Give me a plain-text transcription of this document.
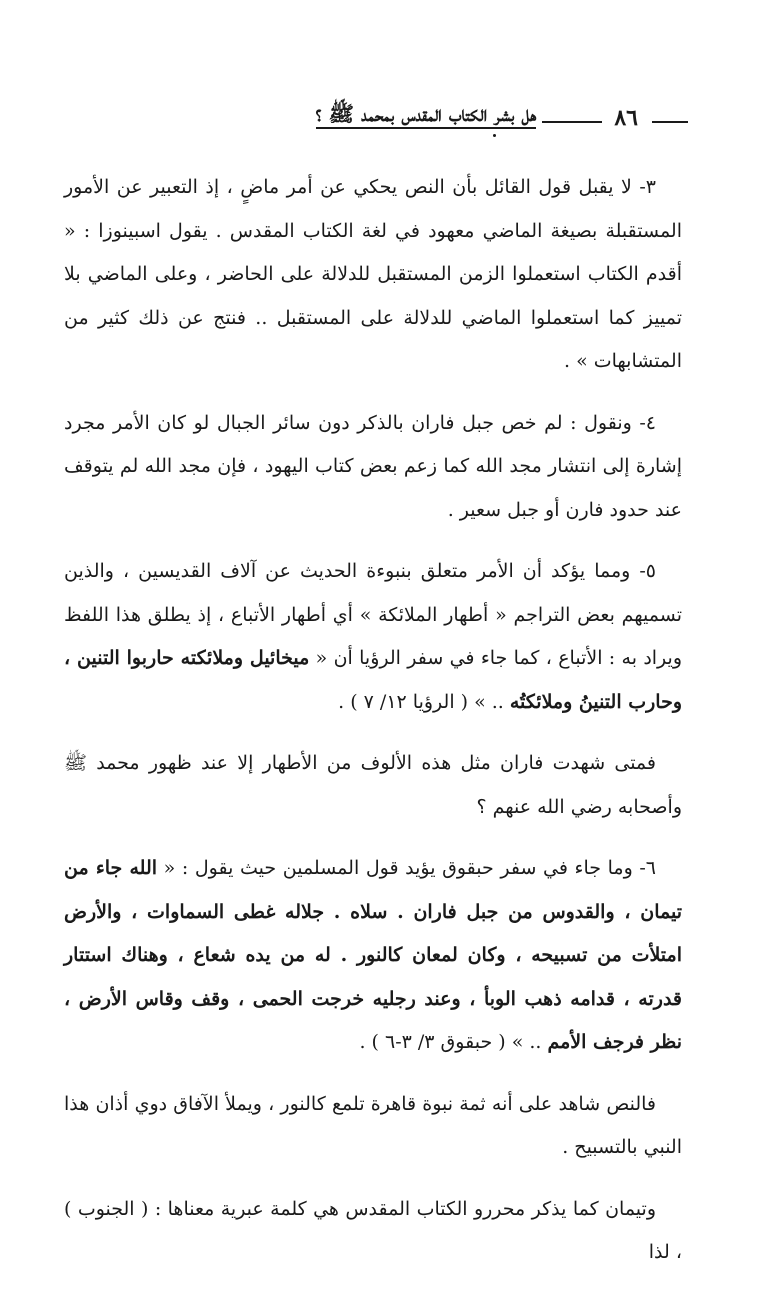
٨٦
هل بشر الكتاب المقدس بمحمد ﷺ ؟

٣- لا يقبل قول القائل بأن النص يحكي عن أمر ماضٍ ، إذ التعبير عن الأمور المستقبلة بصيغة الماضي معهود في لغة الكتاب المقدس . يقول اسبينوزا : « أقدم الكتاب استعملوا الزمن المستقبل للدلالة على الحاضر ، وعلى الماضي بلا تمييز كما استعملوا الماضي للدلالة على المستقبل .. فنتج عن ذلك كثير من المتشابهات » .

٤- ونقول : لم خص جبل فاران بالذكر دون سائر الجبال لو كان الأمر مجرد إشارة إلى انتشار مجد الله كما زعم بعض كتاب اليهود ، فإن مجد الله لم يتوقف عند حدود فارن أو جبل سعير .

٥- ومما يؤكد أن الأمر متعلق بنبوءة الحديث عن آلاف القديسين ، والذين تسميهم بعض التراجم « أطهار الملائكة » أي أطهار الأتباع ، إذ يطلق هذا اللفظ ويراد به : الأتباع ، كما جاء في سفر الرؤيا أن « ميخائيل وملائكته حاربوا التنين ، وحارب التنينُ وملائكتُه .. » ( الرؤيا ١٢/ ٧ ) .

فمتى شهدت فاران مثل هذه الألوف من الأطهار إلا عند ظهور محمد ﷺ وأصحابه رضي الله عنهم ؟

٦- وما جاء في سفر حبقوق يؤيد قول المسلمين حيث يقول : « الله جاء من تيمان ، والقدوس من جبل فاران . سلاه . جلاله غطى السماوات ، والأرض امتلأت من تسبيحه ، وكان لمعان كالنور . له من يده شعاع ، وهناك استتار قدرته ، قدامه ذهب الوبأ ، وعند رجليه خرجت الحمى ، وقف وقاس الأرض ، نظر فرجف الأمم .. » ( حبقوق ٣/ ٣-٦ ) .

فالنص شاهد على أنه ثمة نبوة قاهرة تلمع كالنور ، ويملأ الآفاق دوي أذان هذا النبي بالتسبيح .

وتيمان كما يذكر محررو الكتاب المقدس هي كلمة عبرية معناها : ( الجنوب ) ، لذا
